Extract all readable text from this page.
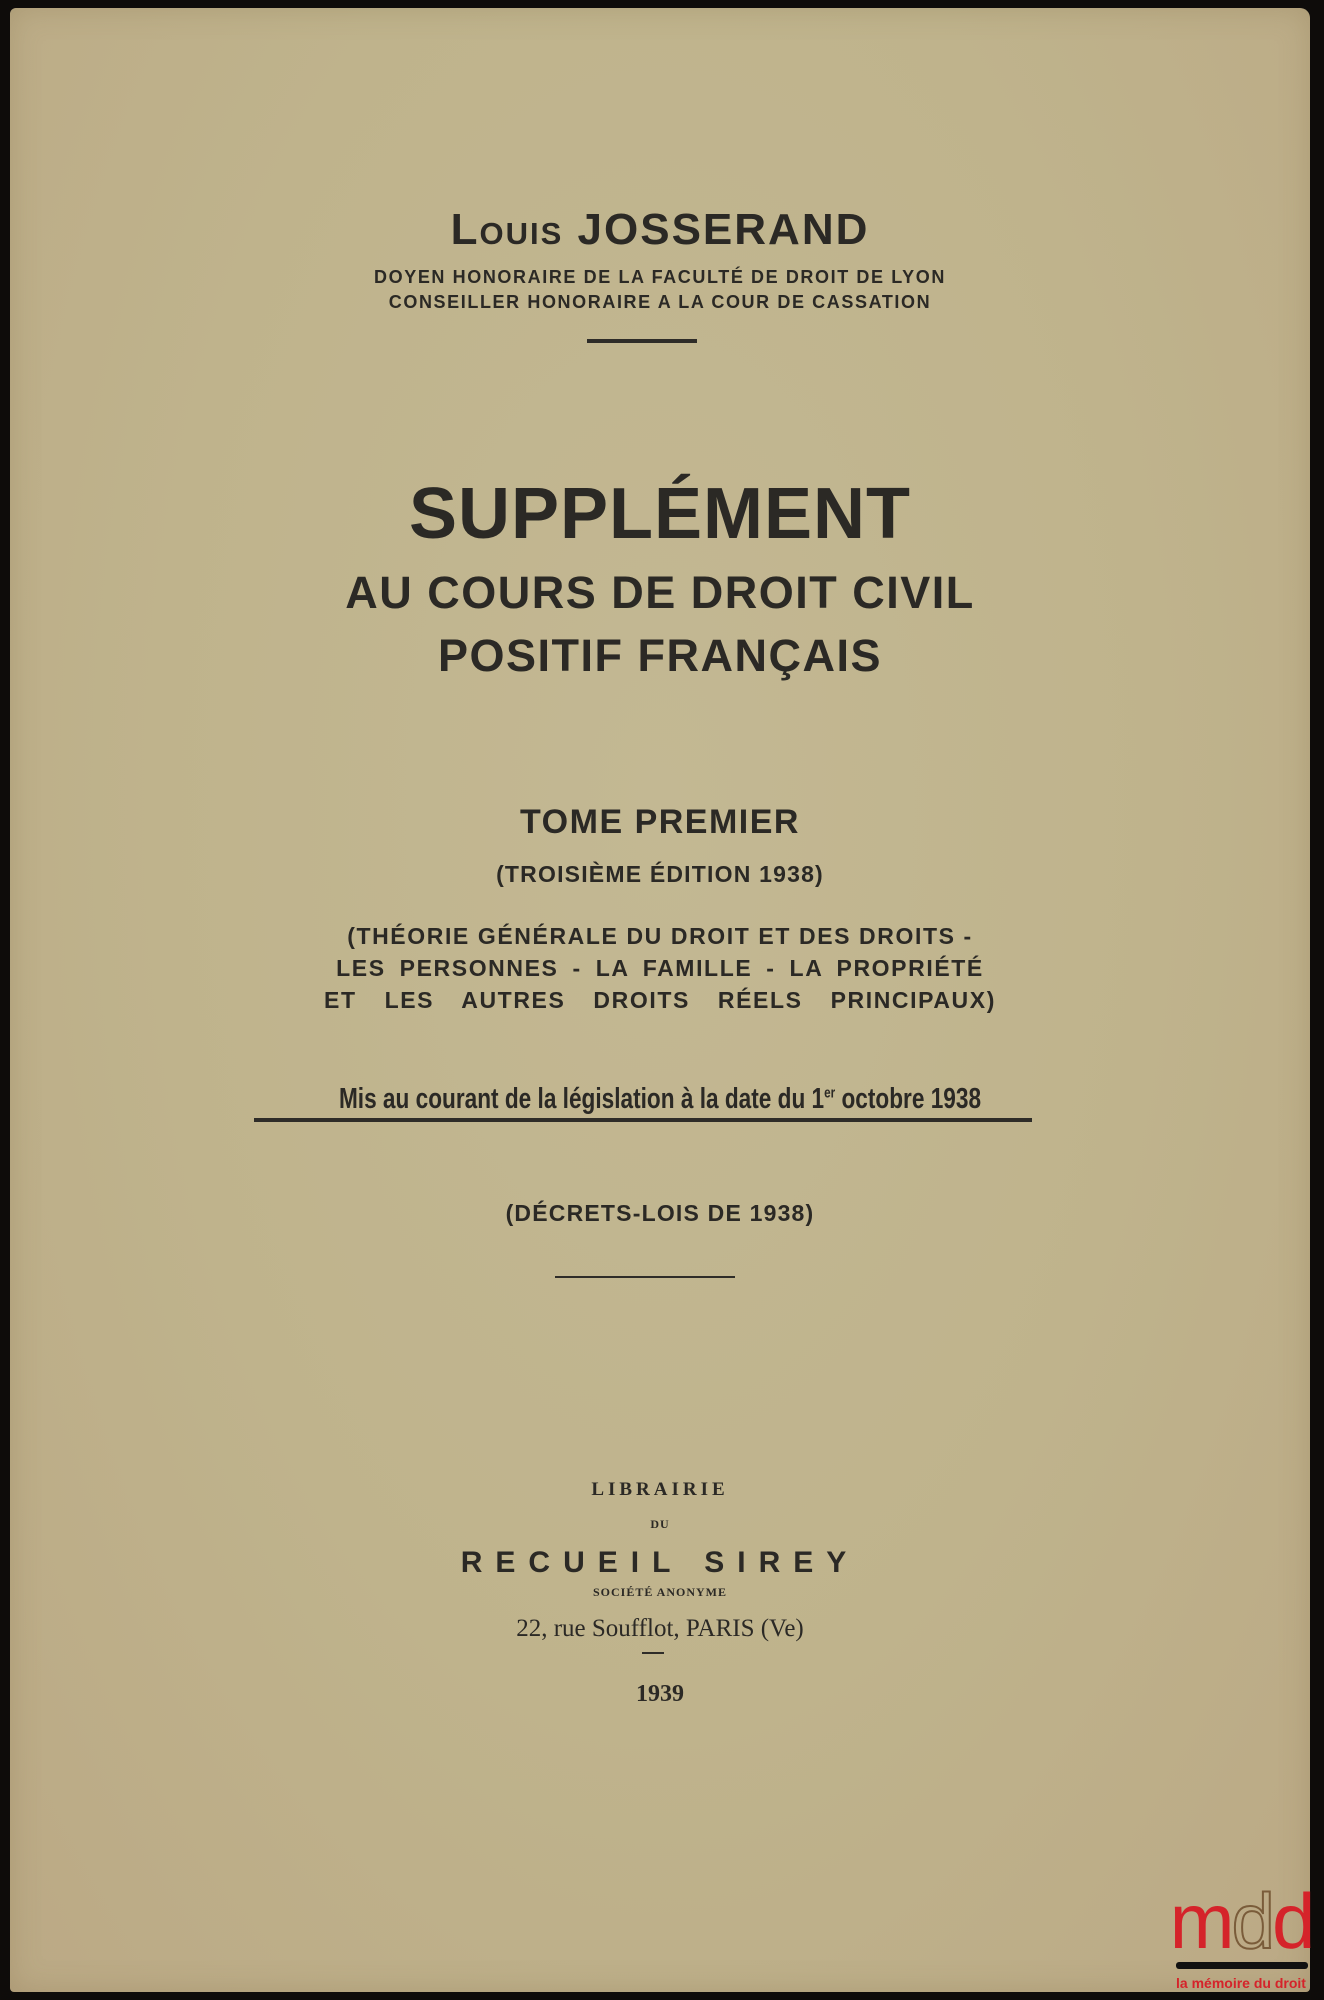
Louis JOSSERAND
DOYEN HONORAIRE DE LA FACULTÉ DE DROIT DE LYON
CONSEILLER HONORAIRE A LA COUR DE CASSATION
SUPPLÉMENT
AU COURS DE DROIT CIVIL
POSITIF FRANÇAIS
TOME PREMIER
(TROISIÈME ÉDITION 1938)
(THÉORIE GÉNÉRALE DU DROIT ET DES DROITS -
LES PERSONNES - LA FAMILLE - LA PROPRIÉTÉ
ET LES AUTRES DROITS RÉELS PRINCIPAUX)
Mis au courant de la législation à la date du 1er octobre 1938
(DÉCRETS-LOIS DE 1938)
LIBRAIRIE
DU
RECUEIL SIREY
SOCIÉTÉ ANONYME
22, rue Soufflot, PARIS (Ve)
1939
mdd
la mémoire du droit
